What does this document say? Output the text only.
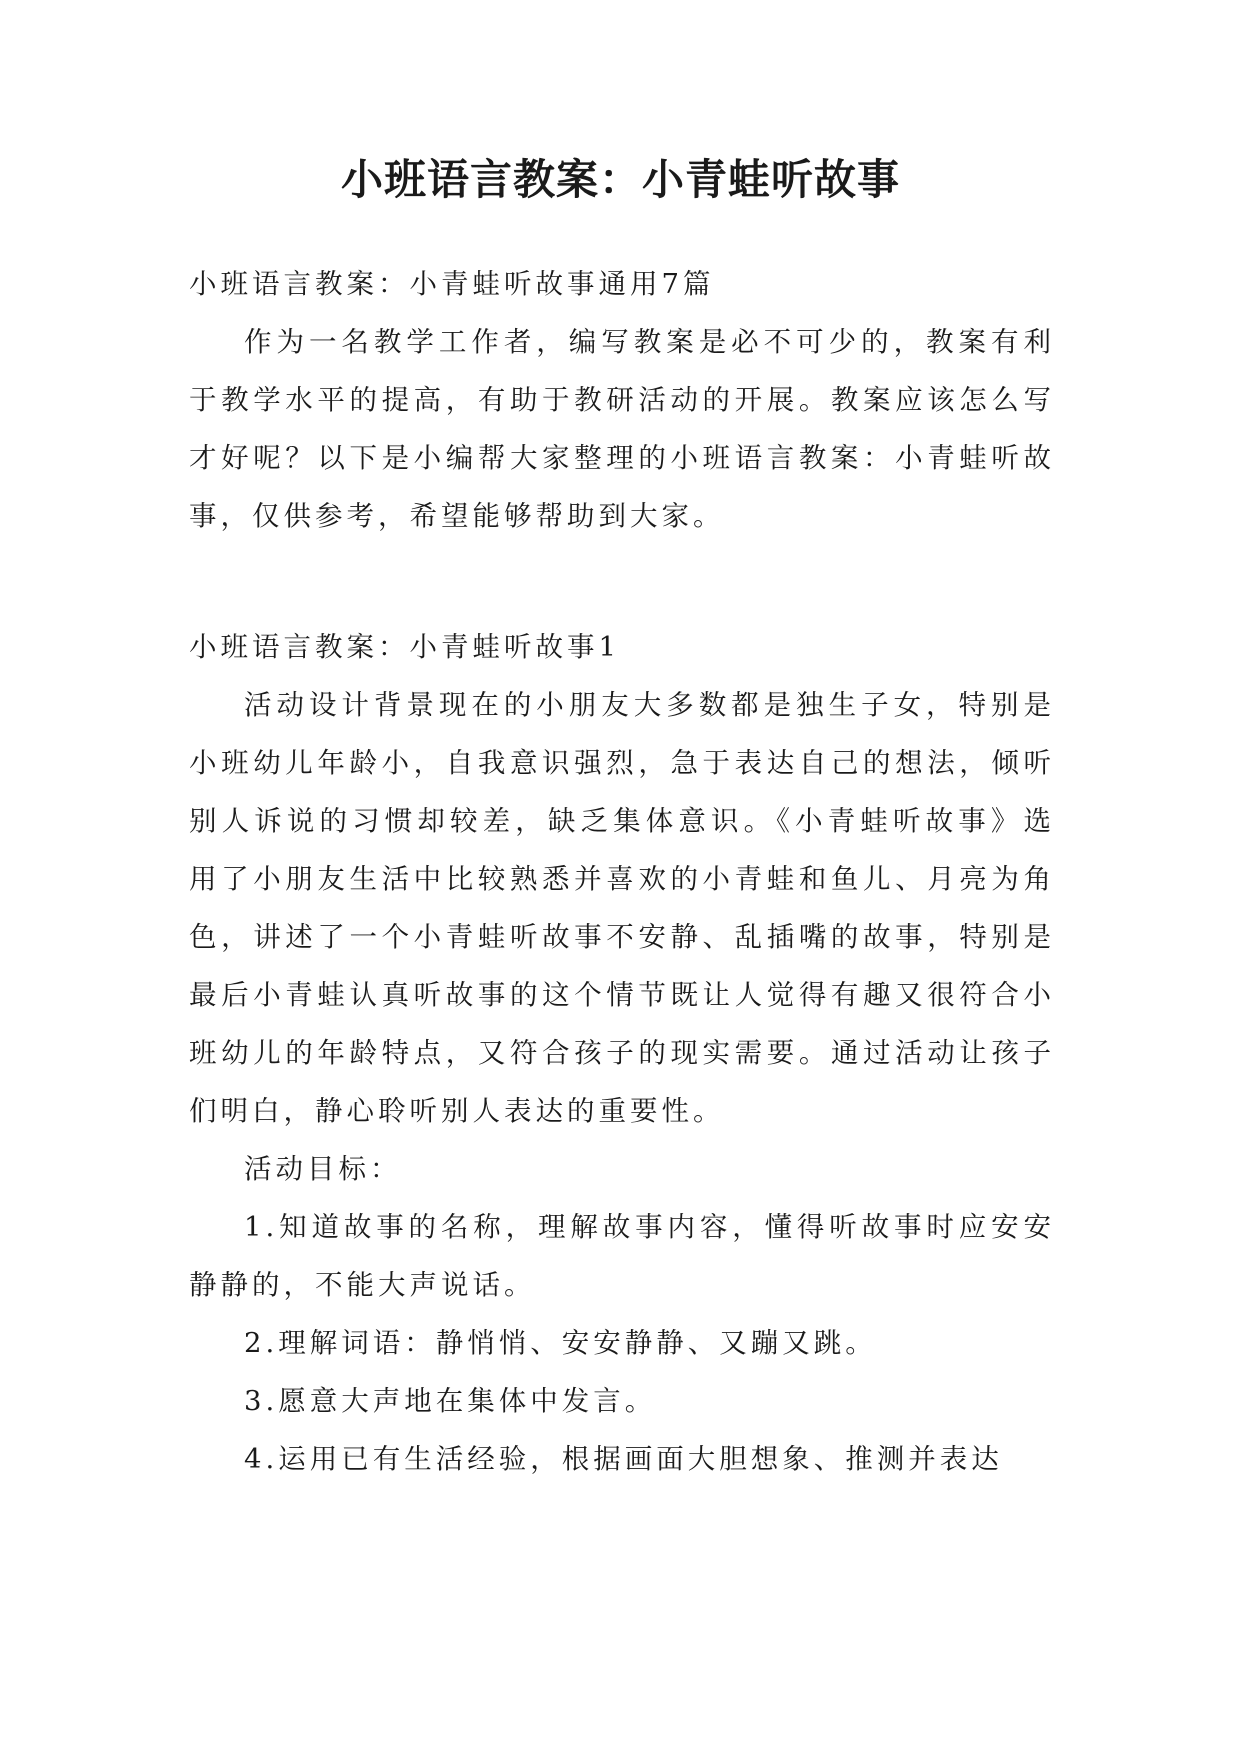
小班语言教案：小青蛙听故事

小班语言教案：小青蛙听故事通用7篇

作为一名教学工作者，编写教案是必不可少的，教案有利于教学水平的提高，有助于教研活动的开展。教案应该怎么写才好呢？以下是小编帮大家整理的小班语言教案：小青蛙听故事，仅供参考，希望能够帮助到大家。

小班语言教案：小青蛙听故事1

活动设计背景现在的小朋友大多数都是独生子女，特别是小班幼儿年龄小，自我意识强烈，急于表达自己的想法，倾听别人诉说的习惯却较差，缺乏集体意识。《小青蛙听故事》选用了小朋友生活中比较熟悉并喜欢的小青蛙和鱼儿、月亮为角色，讲述了一个小青蛙听故事不安静、乱插嘴的故事，特别是最后小青蛙认真听故事的这个情节既让人觉得有趣又很符合小班幼儿的年龄特点，又符合孩子的现实需要。通过活动让孩子们明白，静心聆听别人表达的重要性。

活动目标：

1.知道故事的名称，理解故事内容，懂得听故事时应安安静静的，不能大声说话。

2.理解词语：静悄悄、安安静静、又蹦又跳。

3.愿意大声地在集体中发言。

4.运用已有生活经验，根据画面大胆想象、推测并表达
